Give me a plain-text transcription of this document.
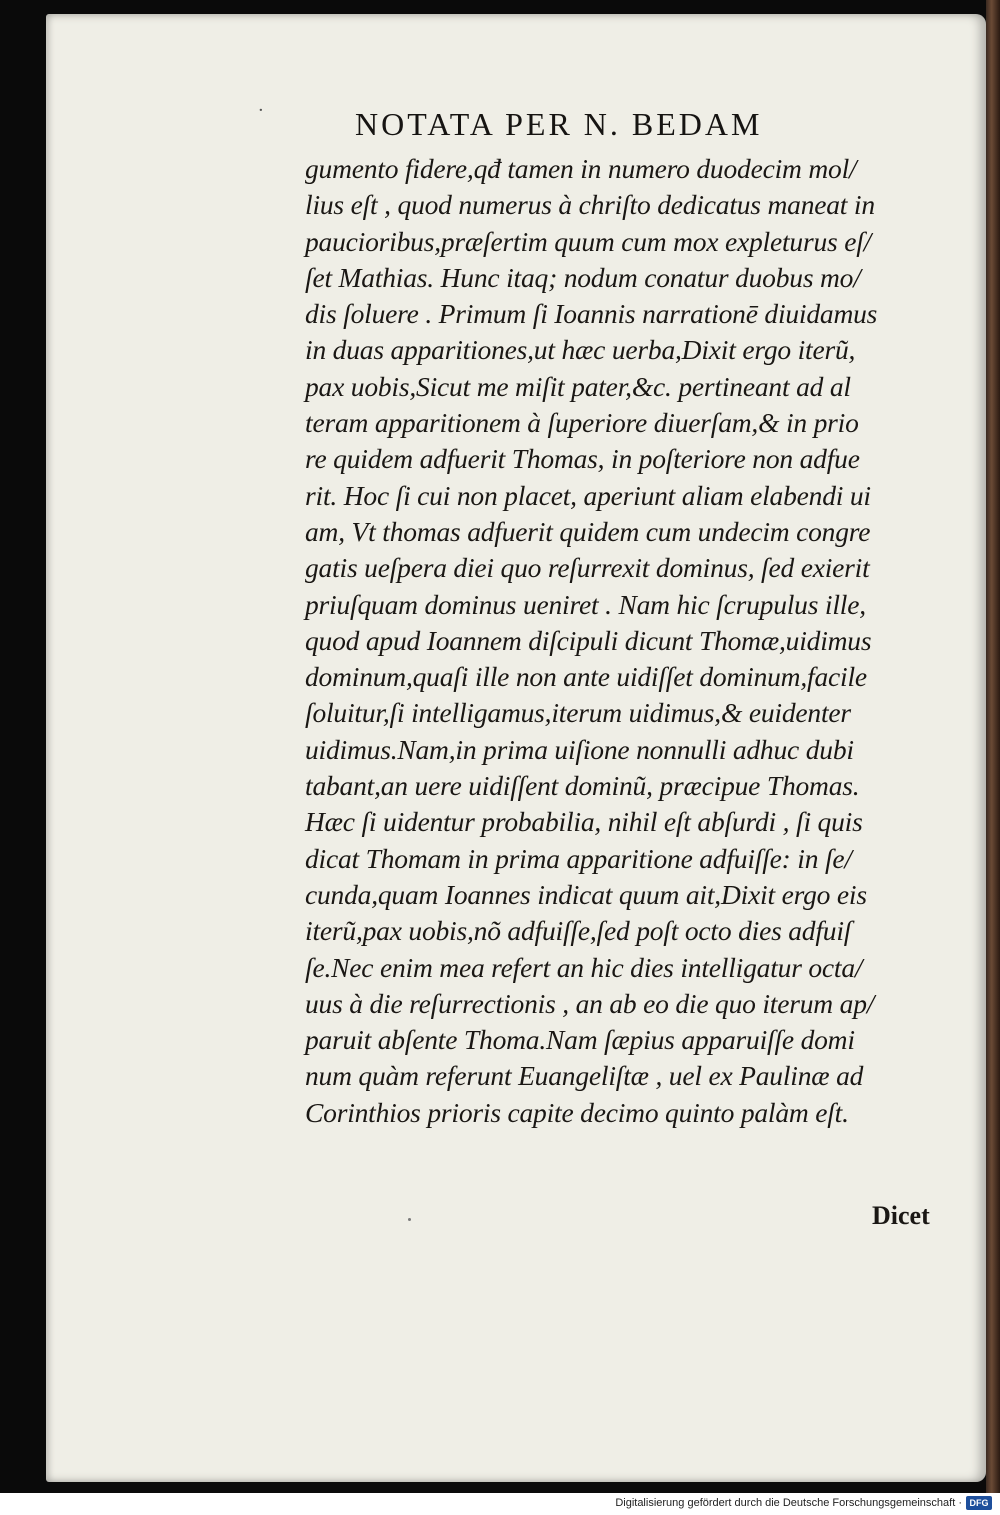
·	NOTATA PER N. BEDAM
gumento fidere,qđ tamen in numero duodecim mol/
lius eſt , quod numerus à chriſto dedicatus maneat in
paucioribus,præſertim quum cum mox expleturus eſ/
ſet Mathias. Hunc itaq; nodum conatur duobus mo/
dis ſoluere . Primum ſi Ioannis narrationē diuidamus
in duas apparitiones,ut hæc uerba,Dixit ergo iterũ,
pax uobis,Sicut me miſit pater,&c. pertineant ad al
teram apparitionem à ſuperiore diuerſam,& in prio
re quidem adfuerit Thomas, in poſteriore non adfue
rit. Hoc ſi cui non placet, aperiunt aliam elabendi ui
am, Vt thomas adfuerit quidem cum undecim congre
gatis ueſpera diei quo reſurrexit dominus, ſed exierit
priuſquam dominus ueniret . Nam hic ſcrupulus ille,
quod apud Ioannem diſcipuli dicunt Thomæ,uidimus
dominum,quaſi ille non ante uidiſſet dominum,facile
ſoluitur,ſi intelligamus,iterum uidimus,& euidenter
uidimus.Nam,in prima uiſione nonnulli adhuc dubi
tabant,an uere uidiſſent dominũ, præcipue Thomas.
Hæc ſi uidentur probabilia, nihil eſt abſurdi , ſi quis
dicat Thomam in prima apparitione adfuiſſe: in ſe/
cunda,quam Ioannes indicat quum ait,Dixit ergo eis
iterũ,pax uobis,nõ adfuiſſe,ſed poſt octo dies adfuiſ
ſe.Nec enim mea refert an hic dies intelligatur octa/
uus à die reſurrectionis , an ab eo die quo iterum ap/
paruit abſente Thoma.Nam ſæpius apparuiſſe domi
num quàm referunt Euangeliſtæ , uel ex Paulinæ ad
Corinthios prioris capite decimo quinto palàm eſt.
Dicet
Digitalisierung gefördert durch die Deutsche Forschungsgemeinschaft · DFG
